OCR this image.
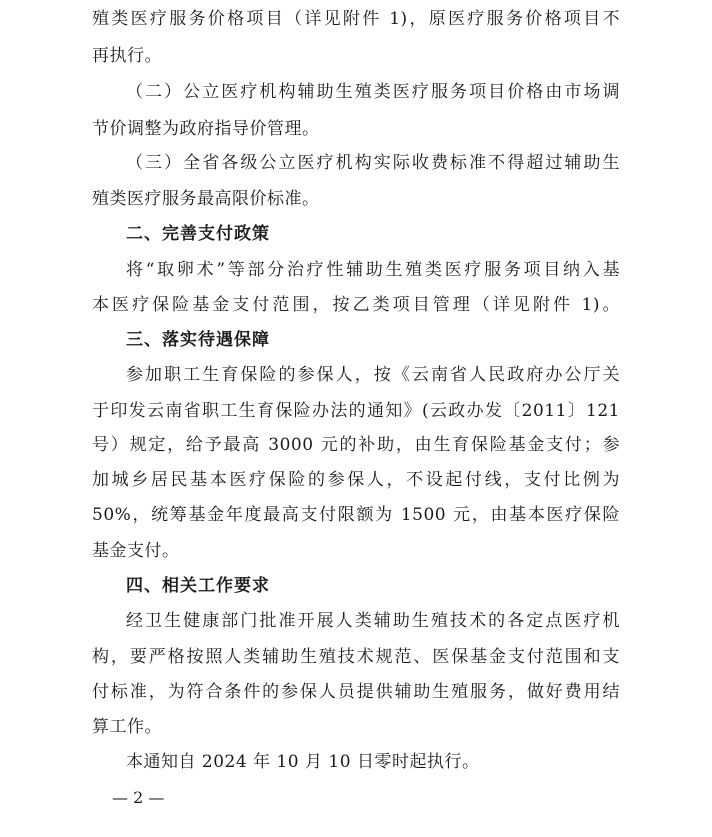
殖类医疗服务价格项目（详见附件 1)，原医疗服务价格项目不
再执行。
（二）公立医疗机构辅助生殖类医疗服务项目价格由市场调
节价调整为政府指导价管理。
（三）全省各级公立医疗机构实际收费标准不得超过辅助生
殖类医疗服务最高限价标准。
二、完善支付政策
将“取卵术”等部分治疗性辅助生殖类医疗服务项目纳入基
本医疗保险基金支付范围，按乙类项目管理（详见附件 1)。
三、落实待遇保障
参加职工生育保险的参保人，按《云南省人民政府办公厅关
于印发云南省职工生育保险办法的通知》(云政办发〔2011〕121
号）规定，给予最高 3000 元的补助，由生育保险基金支付；参
加城乡居民基本医疗保险的参保人，不设起付线，支付比例为
50%，统筹基金年度最高支付限额为 1500 元，由基本医疗保险
基金支付。
四、相关工作要求
经卫生健康部门批准开展人类辅助生殖技术的各定点医疗机
构，要严格按照人类辅助生殖技术规范、医保基金支付范围和支
付标准，为符合条件的参保人员提供辅助生殖服务，做好费用结
算工作。
本通知自 2024 年 10 月 10 日零时起执行。
— 2 —
